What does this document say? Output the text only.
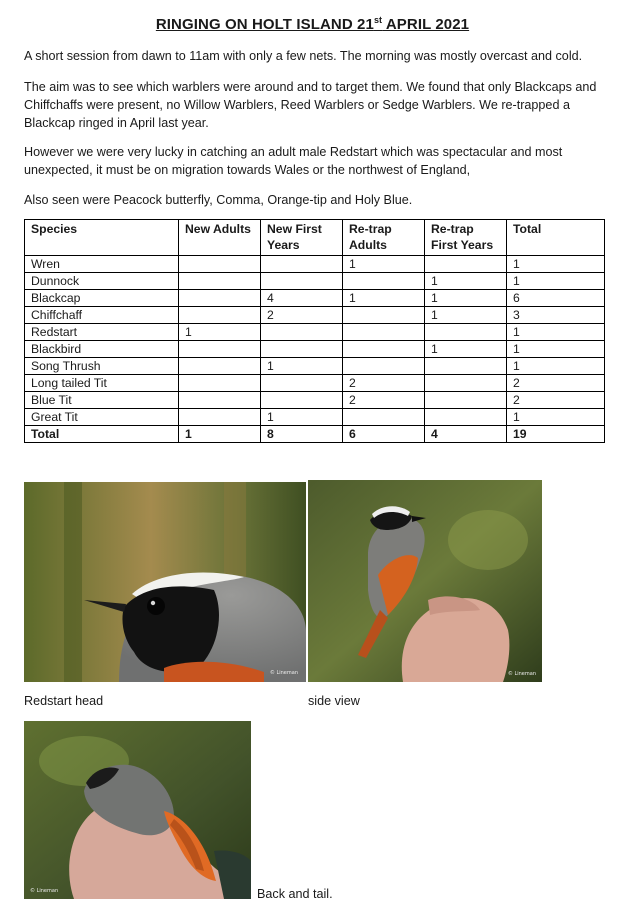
RINGING ON HOLT ISLAND 21st APRIL 2021

A short session from dawn to 11am with only a few nets. The morning was mostly overcast and cold.

The aim was to see which warblers were around and to target them. We found that only Blackcaps and Chiffchaffs were present, no Willow Warblers, Reed Warblers or Sedge Warblers. We re-trapped a Blackcap ringed in April last year.

However we were very lucky in catching an adult male Redstart which was spectacular and most unexpected, it must be on migration towards Wales or the northwest of England,

Also seen were Peacock butterfly, Comma, Orange-tip and Holy Blue.

Species	New Adults	New First Years	Re-trap Adults	Re-trap First Years	Total
Wren			1		1
Dunnock				1	1
Blackcap		4	1	1	6
Chiffchaff		2		1	3
Redstart	1				1
Blackbird				1	1
Song Thrush		1			1
Long tailed Tit			2		2
Blue Tit			2		2
Great Tit		1			1
Total	1	8	6	4	19
© Lineman	© Lineman
© Lineman
Redstart head	side view
Back and tail.
